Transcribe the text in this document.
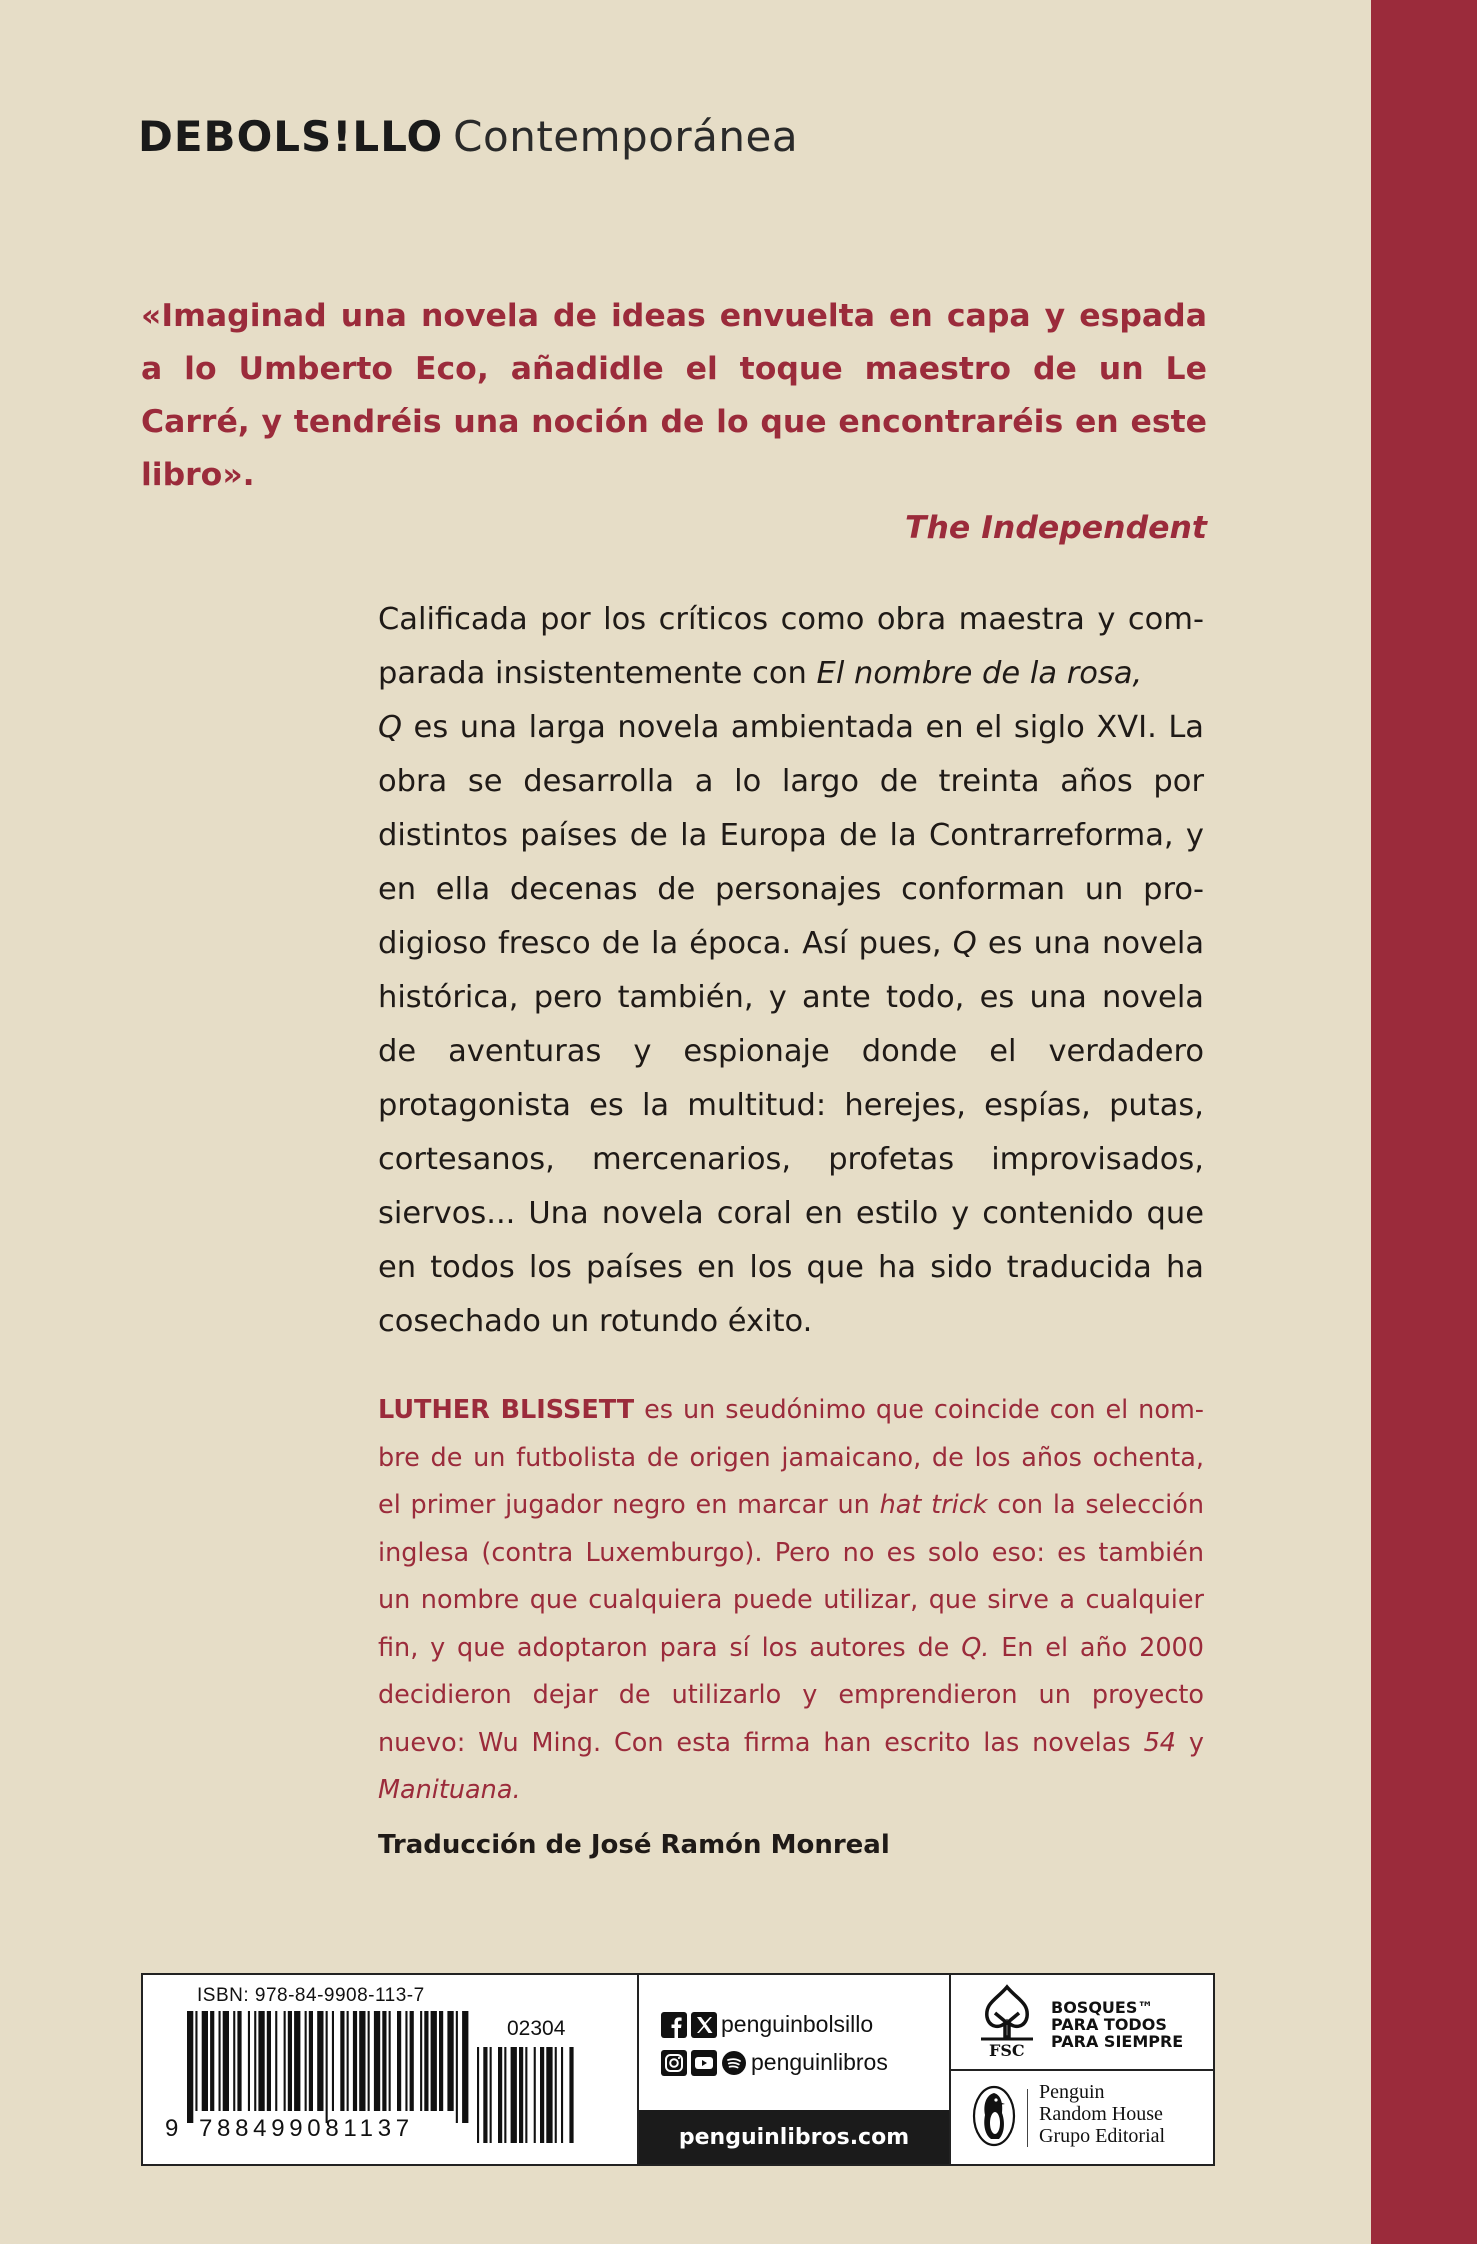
DEBOLS!LLO Contemporánea

«Imaginad una novela de ideas envuelta en capa y espada a lo Umberto Eco, añadidle el toque maestro de un Le Carré, y tendréis una noción de lo que encontraréis en este libro».

The Independent

Calificada por los críticos como obra maestra y comparada insistentemente con El nombre de la rosa,
Q es una larga novela ambientada en el siglo XVI. La obra se desarrolla a lo largo de treinta años por distintos países de la Europa de la Contrarreforma, y en ella decenas de personajes conforman un prodigioso fresco de la época. Así pues, Q es una novela histórica, pero también, y ante todo, es una novela de aventuras y espionaje donde el verdadero protagonista es la multitud: herejes, espías, putas, cortesanos, mercenarios, profetas improvisados, siervos... Una novela coral en estilo y contenido que en todos los países en los que ha sido traducida ha cosechado un rotundo éxito.

LUTHER BLISSETT es un seudónimo que coincide con el nombre de un futbolista de origen jamaicano, de los años ochenta, el primer jugador negro en marcar un hat trick con la selección inglesa (contra Luxemburgo). Pero no es solo eso: es también un nombre que cualquiera puede utilizar, que sirve a cualquier fin, y que adoptaron para sí los autores de Q. En el año 2000 decidieron dejar de utilizarlo y emprendieron un proyecto nuevo: Wu Ming. Con esta firma han escrito las novelas 54 y Manituana.

Traducción de José Ramón Monreal
ISBN: 978-84-9908-113-7
02304
9 788499081137
penguinbolsillo
penguinlibros
penguinlibros.com
FSC
BOSQUES™
PARA TODOS
PARA SIEMPRE
Penguin
Random House
Grupo Editorial
